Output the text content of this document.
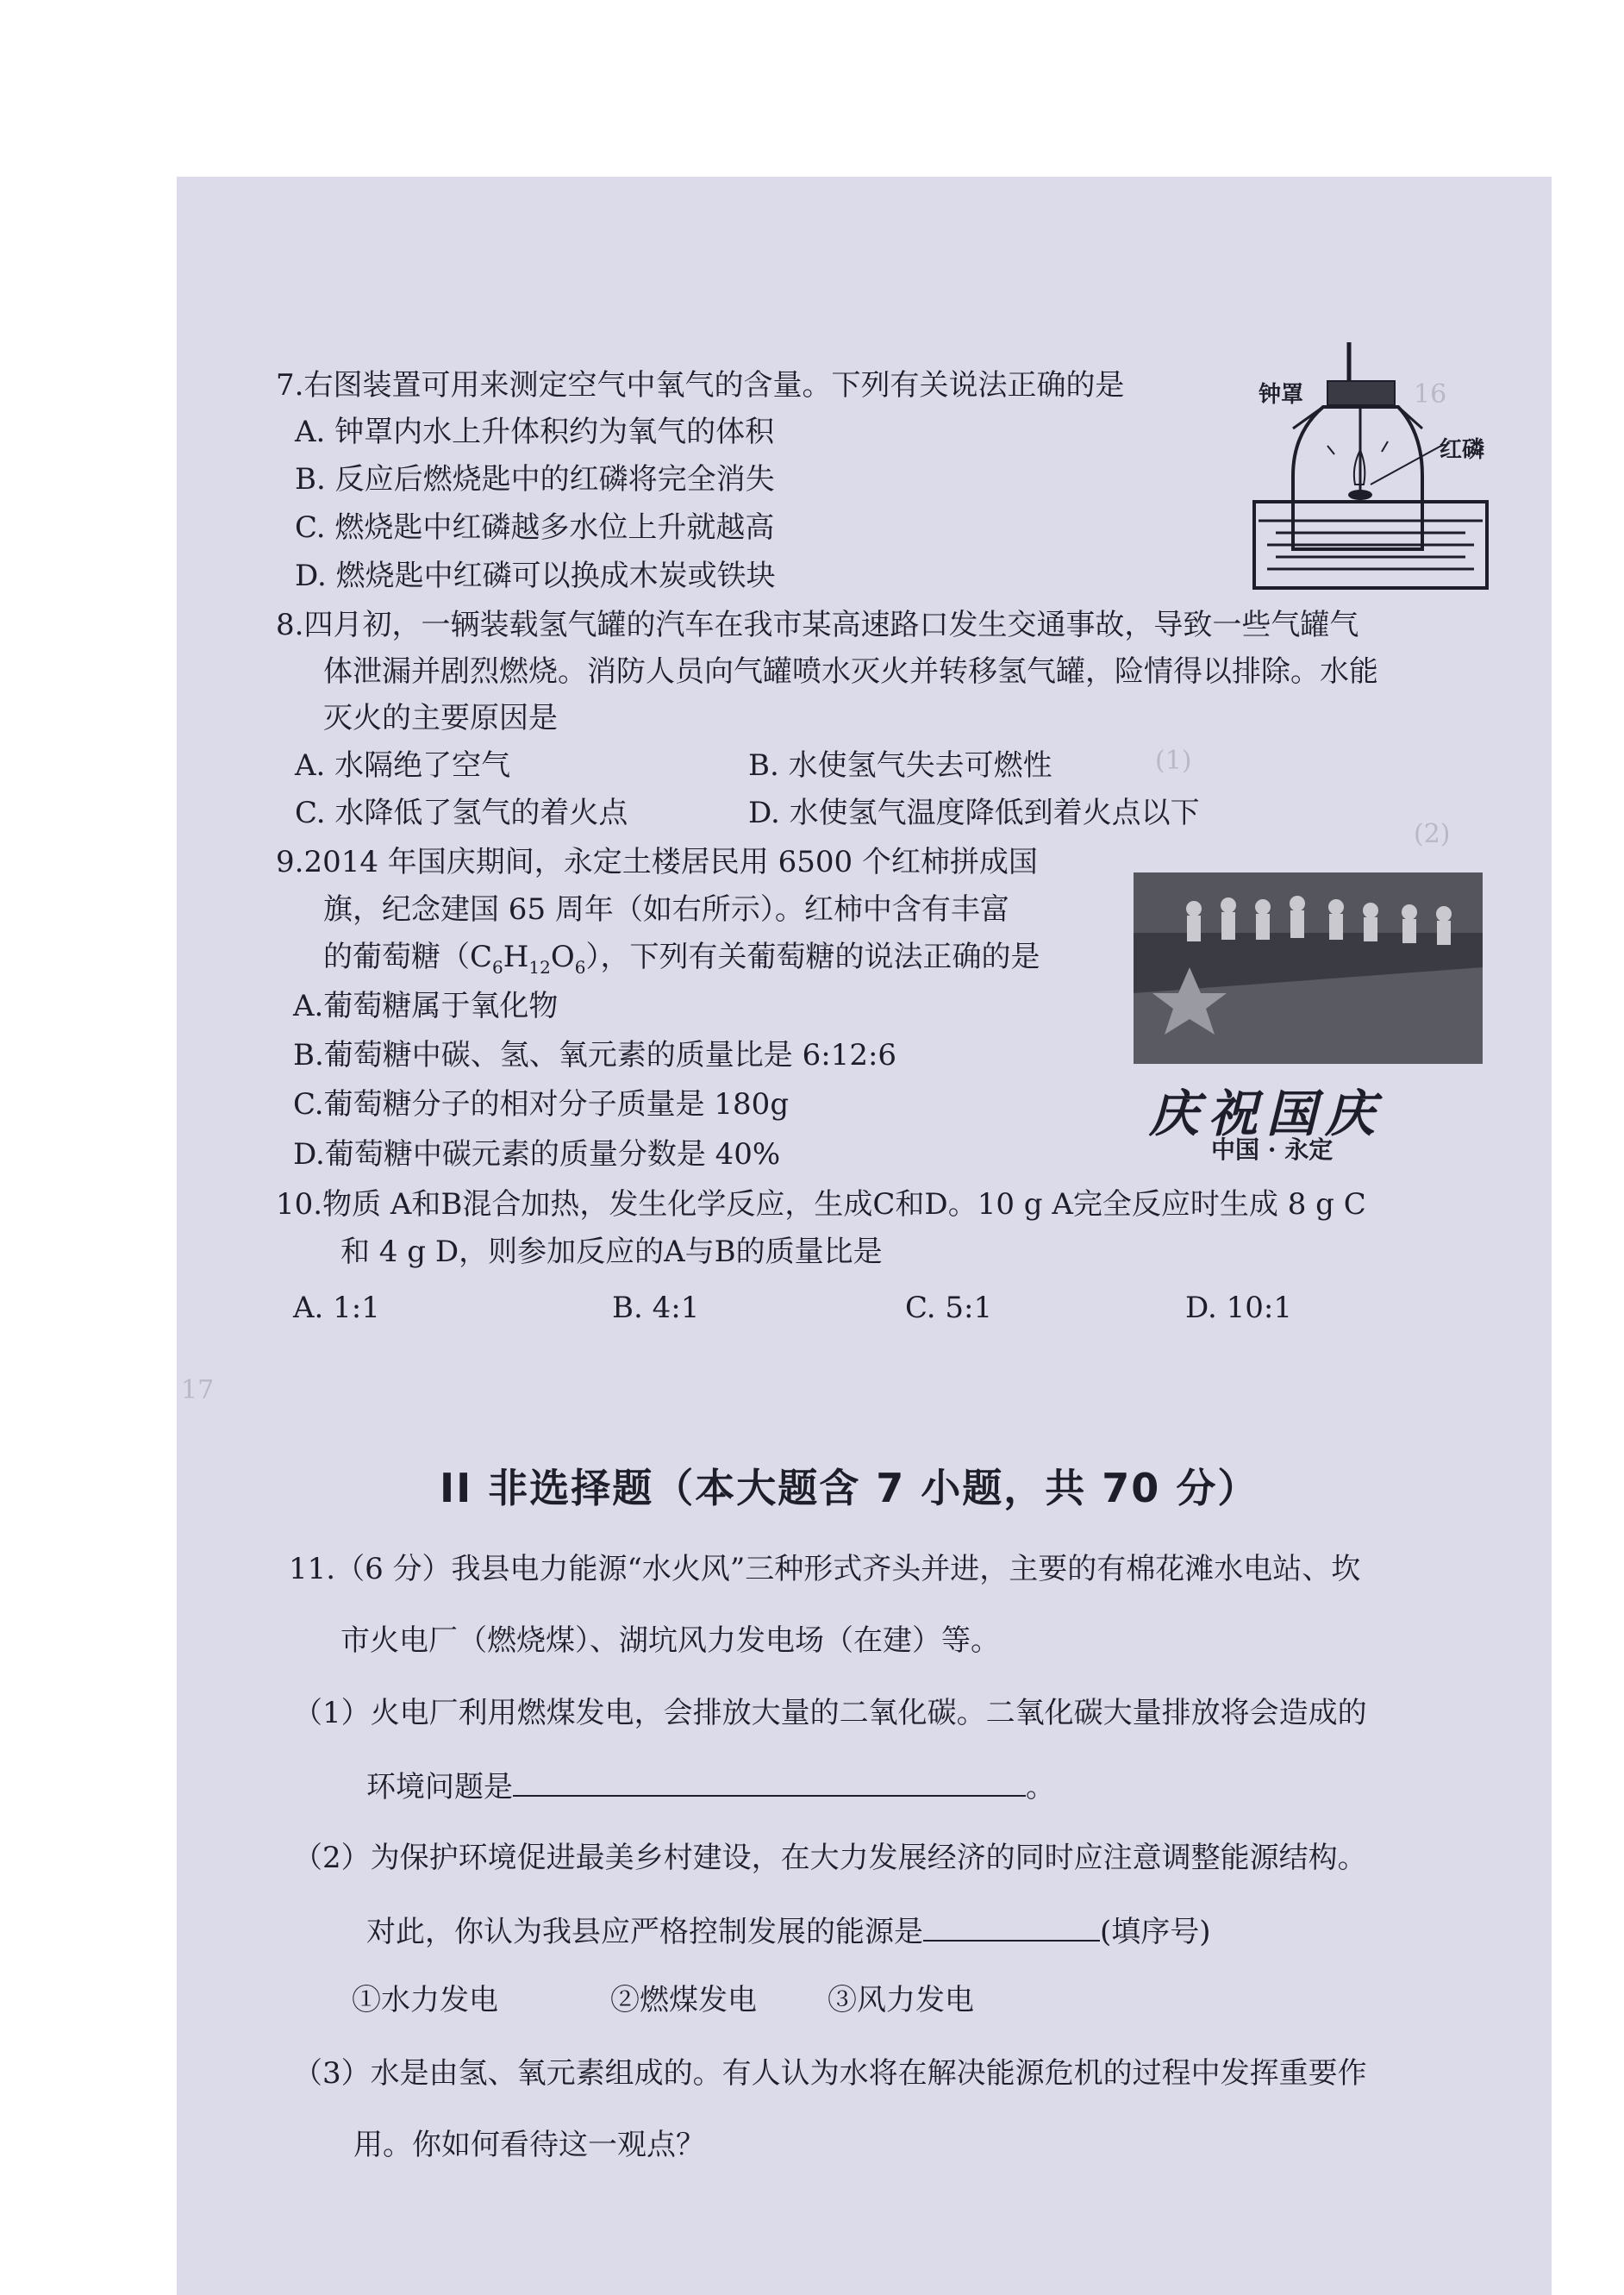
16
(1)
(2)
17
7.右图装置可用来测定空气中氧气的含量。下列有关说法正确的是
A. 钟罩内水上升体积约为氧气的体积
B. 反应后燃烧匙中的红磷将完全消失
C. 燃烧匙中红磷越多水位上升就越高
D. 燃烧匙中红磷可以换成木炭或铁块
钟罩
红磷
8.四月初，一辆装载氢气罐的汽车在我市某高速路口发生交通事故，导致一些气罐气
体泄漏并剧烈燃烧。消防人员向气罐喷水灭火并转移氢气罐，险情得以排除。水能
灭火的主要原因是
A. 水隔绝了空气	B. 水使氢气失去可燃性
C. 水降低了氢气的着火点	D. 水使氢气温度降低到着火点以下
9.2014 年国庆期间，永定土楼居民用 6500 个红柿拼成国
旗，纪念建国 65 周年（如右所示）。红柿中含有丰富
的葡萄糖$(C_6H_{12}O_6)$，下列有关葡萄糖的说法正确的是
A.葡萄糖属于氧化物
B.葡萄糖中碳、氢、氧元素的质量比是 6:12:6
C.葡萄糖分子的相对分子质量是 180g
D.葡萄糖中碳元素的质量分数是 40%
庆祝国庆
中国 · 永定
10.物质 A和B混合加热，发生化学反应，生成C和D。10 g A完全反应时生成 8 g C
和 4 g D，则参加反应的A与B的质量比是
A. 1:1	B. 4:1	C. 5:1	D. 10:1
II 非选择题（本大题含 7 小题，共 70 分）
11.（6 分）我县电力能源“水火风”三种形式齐头并进，主要的有棉花滩水电站、坎
市火电厂（燃烧煤）、湖坑风力发电场（在建）等。
（1）火电厂利用燃煤发电，会排放大量的二氧化碳。二氧化碳大量排放将会造成的
环境问题是	。
（2）为保护环境促进最美乡村建设，在大力发展经济的同时应注意调整能源结构。
对此，你认为我县应严格控制发展的能源是	(填序号)
①水力发电	②燃煤发电 ③风力发电
（3）水是由氢、氧元素组成的。有人认为水将在解决能源危机的过程中发挥重要作
用。你如何看待这一观点？
